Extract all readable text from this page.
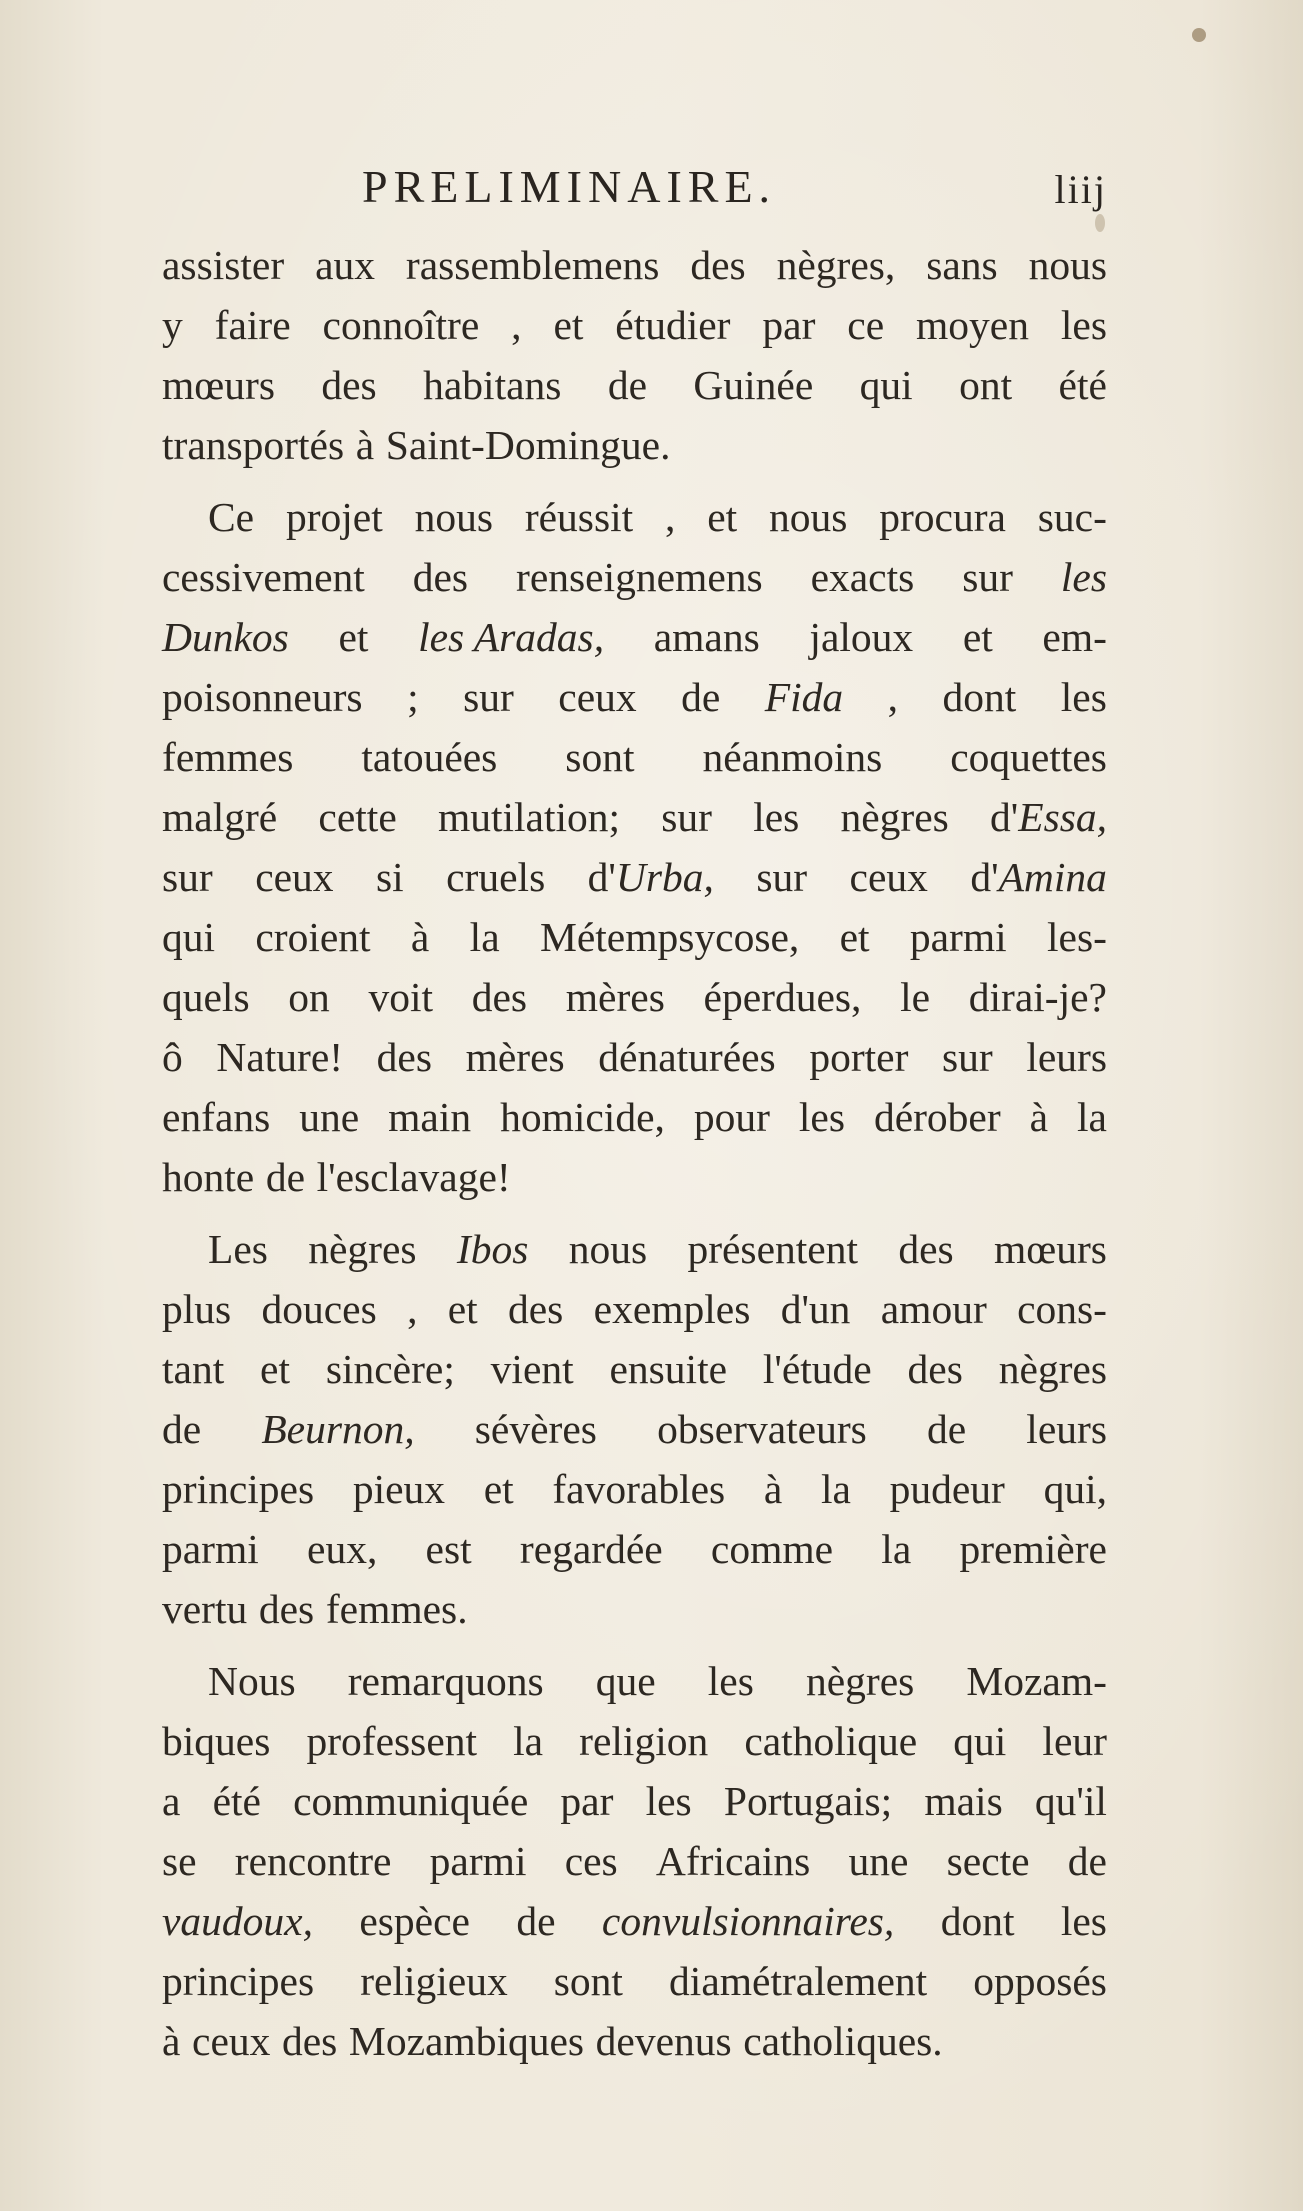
PRELIMINAIRE.	liij
assister aux rassemblemens des nègres, sans nous
y faire connoître , et étudier par ce moyen les
mœurs des habitans de Guinée qui ont été
transportés à Saint-Domingue.
Ce projet nous réussit , et nous procura suc-
cessivement des renseignemens exacts sur les
Dunkos et les Aradas, amans jaloux et em-
poisonneurs ; sur ceux de Fida , dont les
femmes tatouées sont néanmoins coquettes
malgré cette mutilation; sur les nègres d'Essa,
sur ceux si cruels d'Urba, sur ceux d'Amina
qui croient à la Métempsycose, et parmi les-
quels on voit des mères éperdues, le dirai-je?
ô Nature! des mères dénaturées porter sur leurs
enfans une main homicide, pour les dérober à la
honte de l'esclavage!
Les nègres Ibos nous présentent des mœurs
plus douces , et des exemples d'un amour cons-
tant et sincère; vient ensuite l'étude des nègres
de Beurnon, sévères observateurs de leurs
principes pieux et favorables à la pudeur qui,
parmi eux, est regardée comme la première
vertu des femmes.
Nous remarquons que les nègres Mozam-
biques professent la religion catholique qui leur
a été communiquée par les Portugais; mais qu'il
se rencontre parmi ces Africains une secte de
vaudoux, espèce de convulsionnaires, dont les
principes religieux sont diamétralement opposés
à ceux des Mozambiques devenus catholiques.
